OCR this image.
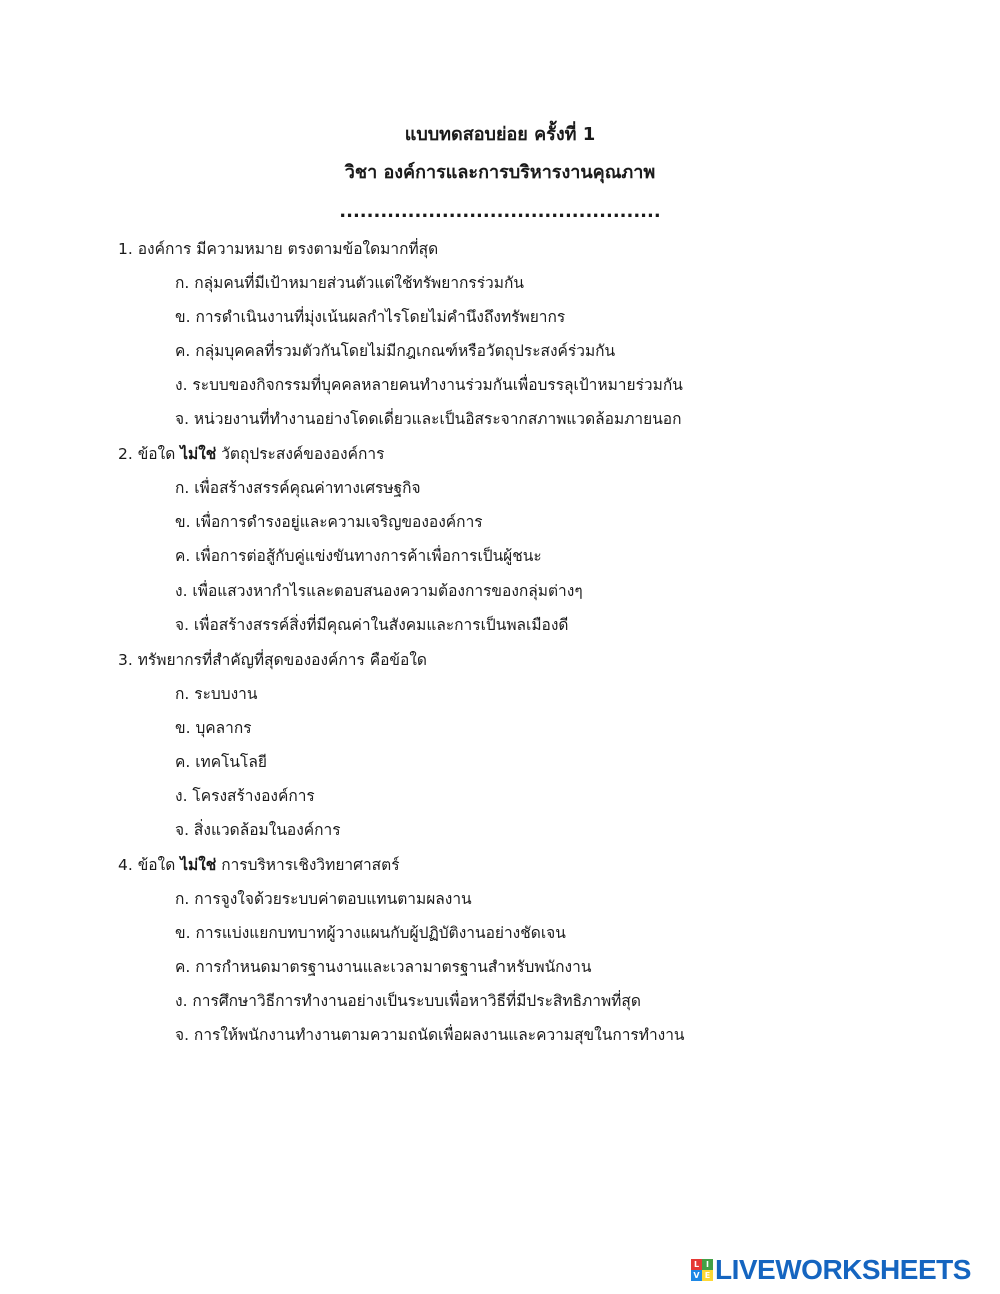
แบบทดสอบย่อย ครั้งที่ 1
วิชา องค์การและการบริหารงานคุณภาพ
...............................................
1. องค์การ มีความหมาย ตรงตามข้อใดมากที่สุด
ก. กลุ่มคนที่มีเป้าหมายส่วนตัวแต่ใช้ทรัพยากรร่วมกัน
ข. การดำเนินงานที่มุ่งเน้นผลกำไรโดยไม่คำนึงถึงทรัพยากร
ค. กลุ่มบุคคลที่รวมตัวกันโดยไม่มีกฎเกณฑ์หรือวัตถุประสงค์ร่วมกัน
ง. ระบบของกิจกรรมที่บุคคลหลายคนทำงานร่วมกันเพื่อบรรลุเป้าหมายร่วมกัน
จ. หน่วยงานที่ทำงานอย่างโดดเดี่ยวและเป็นอิสระจากสภาพแวดล้อมภายนอก
2. ข้อใด ไม่ใช่ วัตถุประสงค์ขององค์การ
ก. เพื่อสร้างสรรค์คุณค่าทางเศรษฐกิจ
ข. เพื่อการดำรงอยู่และความเจริญขององค์การ
ค. เพื่อการต่อสู้กับคู่แข่งขันทางการค้าเพื่อการเป็นผู้ชนะ
ง. เพื่อแสวงหากำไรและตอบสนองความต้องการของกลุ่มต่างๆ
จ. เพื่อสร้างสรรค์สิ่งที่มีคุณค่าในสังคมและการเป็นพลเมืองดี
3. ทรัพยากรที่สำคัญที่สุดขององค์การ คือข้อใด
ก. ระบบงาน
ข. บุคลากร
ค. เทคโนโลยี
ง. โครงสร้างองค์การ
จ. สิ่งแวดล้อมในองค์การ
4. ข้อใด ไม่ใช่ การบริหารเชิงวิทยาศาสตร์
ก. การจูงใจด้วยระบบค่าตอบแทนตามผลงาน
ข. การแบ่งแยกบทบาทผู้วางแผนกับผู้ปฏิบัติงานอย่างชัดเจน
ค. การกำหนดมาตรฐานงานและเวลามาตรฐานสำหรับพนักงาน
ง. การศึกษาวิธีการทำงานอย่างเป็นระบบเพื่อหาวิธีที่มีประสิทธิภาพที่สุด
จ. การให้พนักงานทำงานตามความถนัดเพื่อผลงานและความสุขในการทำงาน
L I
V E LIVEWORKSHEETS
